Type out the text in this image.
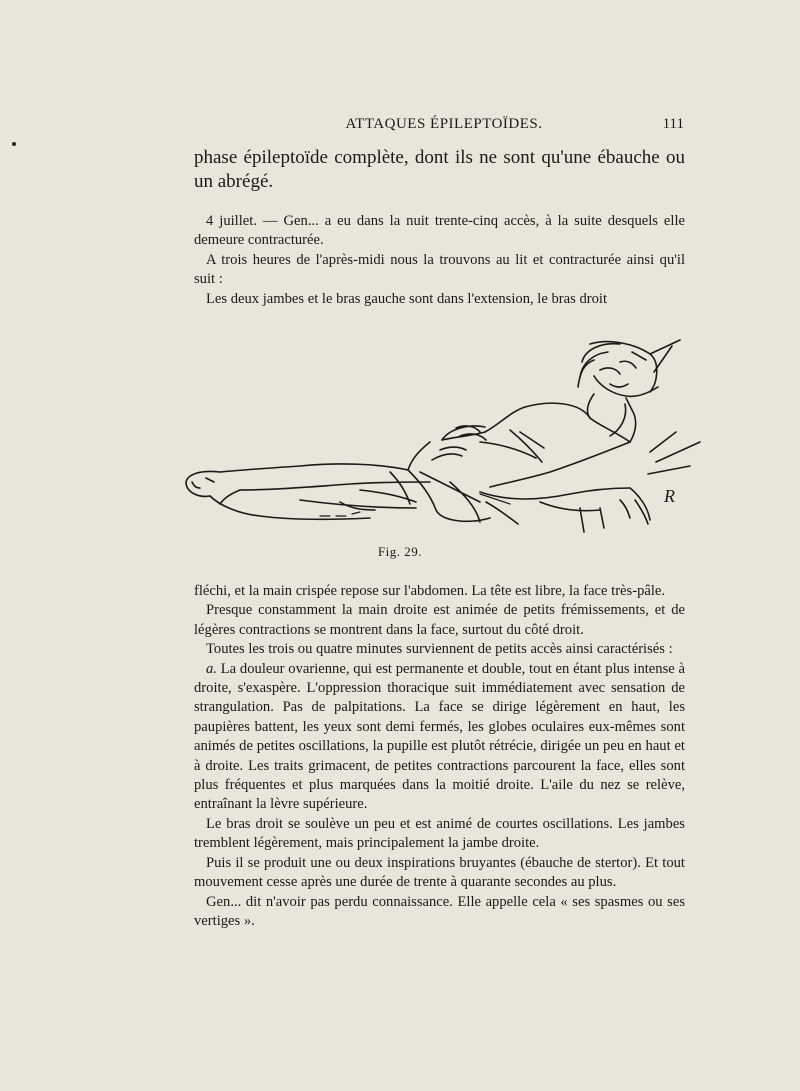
ATTAQUES ÉPILEPTOÏDES.	111

phase épileptoïde complète, dont ils ne sont qu'une ébauche ou un abrégé.

4 juillet. — Gen... a eu dans la nuit trente-cinq accès, à la suite desquels elle demeure contracturée.

A trois heures de l'après-midi nous la trouvons au lit et contracturée ainsi qu'il suit :

Les deux jambes et le bras gauche sont dans l'extension, le bras droit

R
Fig. 29.

fléchi, et la main crispée repose sur l'abdomen. La tête est libre, la face très-pâle.

Presque constamment la main droite est animée de petits frémissements, et de légères contractions se montrent dans la face, surtout du côté droit.

Toutes les trois ou quatre minutes surviennent de petits accès ainsi caractérisés :

a. La douleur ovarienne, qui est permanente et double, tout en étant plus intense à droite, s'exaspère. L'oppression thoracique suit immédiatement avec sensation de strangulation. Pas de palpitations. La face se dirige légèrement en haut, les paupières battent, les yeux sont demi fermés, les globes oculaires eux-mêmes sont animés de petites oscillations, la pupille est plutôt rétrécie, dirigée un peu en haut et à droite. Les traits grimacent, de petites contractions parcourent la face, elles sont plus fréquentes et plus marquées dans la moitié droite. L'aile du nez se relève, entraînant la lèvre supérieure.

Le bras droit se soulève un peu et est animé de courtes oscillations. Les jambes tremblent légèrement, mais principalement la jambe droite.

Puis il se produit une ou deux inspirations bruyantes (ébauche de stertor). Et tout mouvement cesse après une durée de trente à quarante secondes au plus.

Gen... dit n'avoir pas perdu connaissance. Elle appelle cela « ses spasmes ou ses vertiges ».
